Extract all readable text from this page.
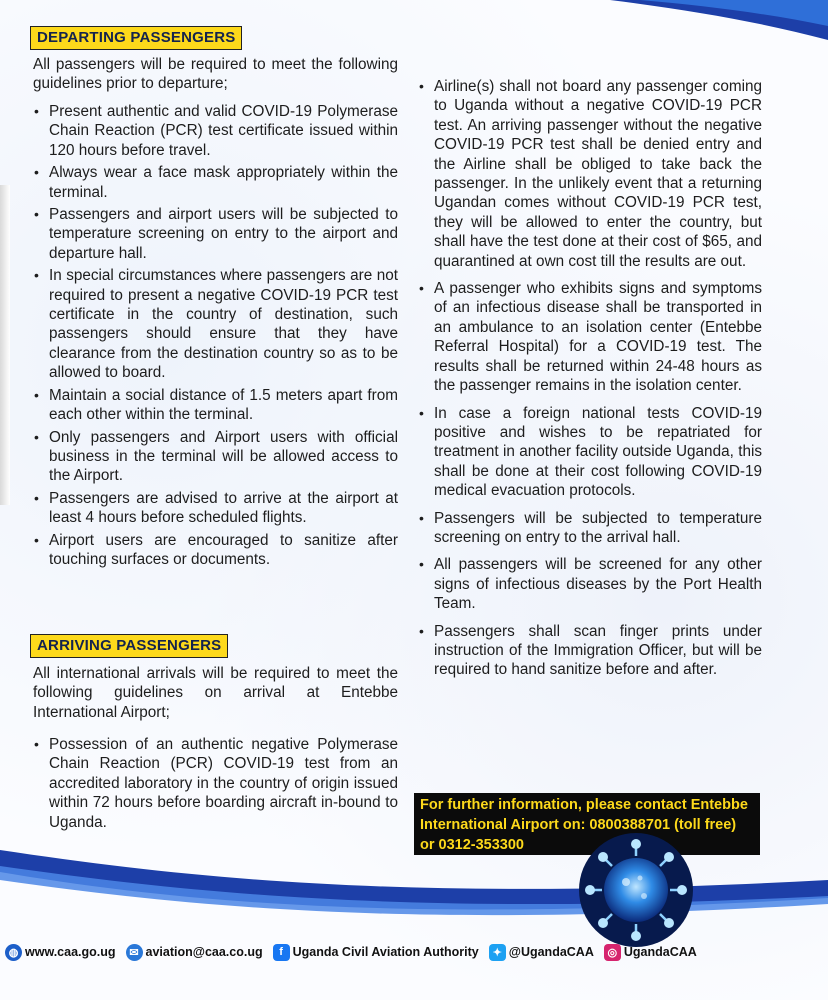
DEPARTING PASSENGERS
All passengers will be required to meet the following guidelines prior to departure;
• Present authentic and valid COVID-19 Polymerase Chain Reaction (PCR) test certificate issued within 120 hours before travel.
• Always wear a face mask appropriately within the terminal.
• Passengers and airport users will be subjected to temperature screening on entry to the airport and departure hall.
• In special circumstances where passengers are not required to present a negative COVID-19 PCR test certificate in the country of destination, such passengers should ensure that they have clearance from the destination country so as to be allowed to board.
• Maintain a social distance of 1.5 meters apart from each other within the terminal.
• Only passengers and Airport users with official business in the terminal will be allowed access to the Airport.
• Passengers are advised to arrive at the airport at least 4 hours before scheduled flights.
• Airport users are encouraged to sanitize after touching surfaces or documents.
ARRIVING PASSENGERS
All international arrivals will be required to meet the following guidelines on arrival at Entebbe International Airport;
• Possession of an authentic negative Polymerase Chain Reaction (PCR) COVID-19 test from an accredited laboratory in the country of origin issued within 72 hours before boarding aircraft in-bound to Uganda.
• Airline(s) shall not board any passenger coming to Uganda without a negative COVID-19 PCR test. An arriving passenger without the negative COVID-19 PCR test shall be denied entry and the Airline shall be obliged to take back the passenger. In the unlikely event that a returning Ugandan comes without COVID-19 PCR test, they will be allowed to enter the country, but shall have the test done at their cost of $65, and quarantined at own cost till the results are out.
• A passenger who exhibits signs and symptoms of an infectious disease shall be transported in an ambulance to an isolation center (Entebbe Referral Hospital) for a COVID-19 test. The results shall be returned within 24-48 hours as the passenger remains in the isolation center.
• In case a foreign national tests COVID-19 positive and wishes to be repatriated for treatment in another facility outside Uganda, this shall be done at their cost following COVID-19 medical evacuation protocols.
• Passengers will be subjected to temperature screening on entry to the arrival hall.
• All passengers will be screened for any other signs of infectious diseases by the Port Health Team.
• Passengers shall scan finger prints under instruction of the Immigration Officer, but will be required to hand sanitize before and after.
For further information, please contact Entebbe International Airport on: 0800388701 (toll free) or 0312-353300
◍ www.caa.go.ug	✉ aviation@caa.co.ug	f Uganda Civil Aviation Authority	✦ @UgandaCAA	◎ UgandaCAA
